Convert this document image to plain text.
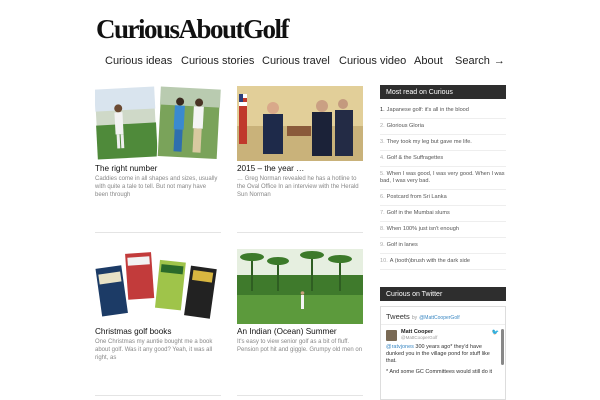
CuriousAboutGolf
Curious ideas Curious stories Curious travel Curious video About Search →
The right number
Caddies come in all shapes and sizes, usually with quite a tale to tell. But not many have been through
2015 – the year …
… Greg Norman revealed he has a hotline to the Oval Office In an interview with the Herald Sun Norman
Christmas golf books
One Christmas my auntie bought me a book about golf. Was it any good? Yeah, it was all right, as
An Indian (Ocean) Summer
It's easy to view senior golf as a bit of fluff. Pension pot hit and giggle. Grumpy old men on
Most read on Curious
1. Japanese golf: it's all in the blood
2. Glorious Gloria
3. They took my leg but gave me life.
4. Golf & the Suffragettes
5. When I was good, I was very good. When I was bad, I was very bad.
6. Postcard from Sri Lanka
7. Golf in the Mumbai slums
8. When 100% just isn't enough
9. Golf in lanes
10. A (tooth)brush with the dark side
Curious on Twitter
Tweets by @MattCooperGolf
🐦
Matt Cooper
@MattCooperGolf
@ratvjones 300 years ago* they'd have dunked you in the village pond for stuff like that.
* And some GC Committees would still do it
